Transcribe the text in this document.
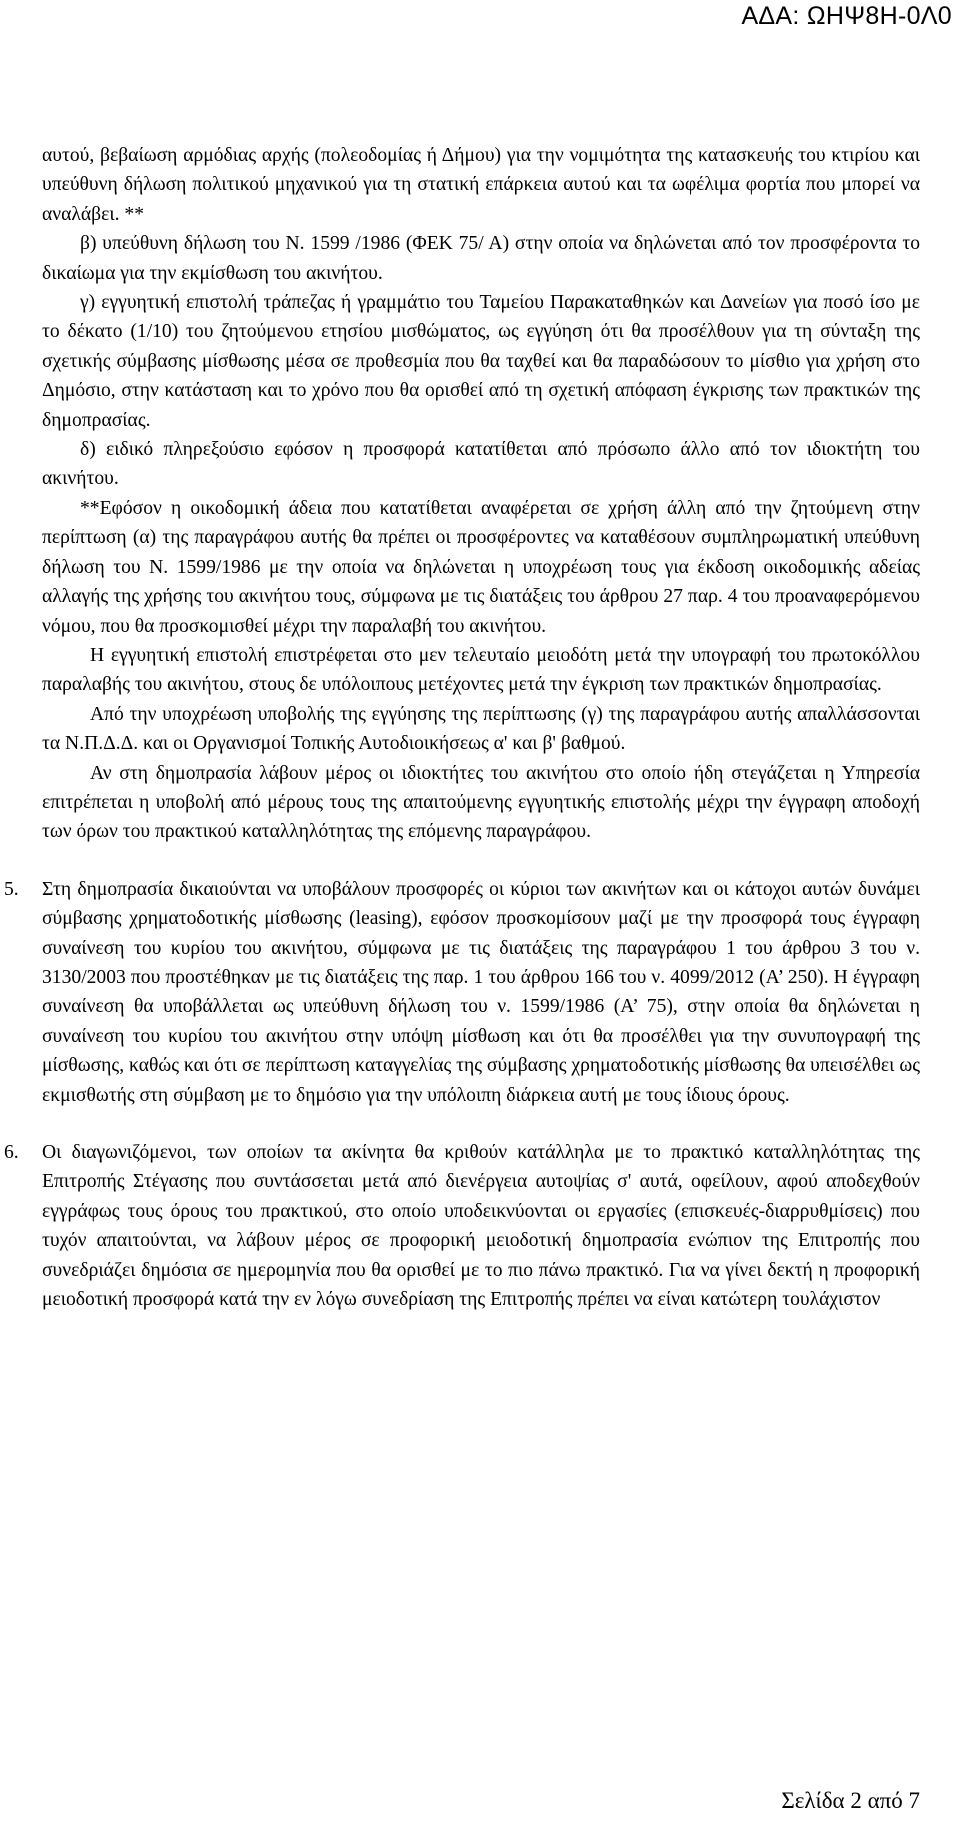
ΑΔΑ: ΩΗΨ8Η-0Λ0

αυτού, βεβαίωση αρμόδιας αρχής (πολεοδομίας ή Δήμου) για την νομιμότητα της κατασκευής του κτιρίου και υπεύθυνη δήλωση πολιτικού μηχανικού για τη στατική επάρκεια αυτού και τα ωφέλιμα φορτία που μπορεί να αναλάβει. **

β) υπεύθυνη δήλωση του Ν. 1599 /1986 (ΦΕΚ 75/ Α) στην οποία να δηλώνεται από τον προσφέροντα το δικαίωμα για την εκμίσθωση του ακινήτου.

γ) εγγυητική επιστολή τράπεζας ή γραμμάτιο του Ταμείου Παρακαταθηκών και Δανείων για ποσό ίσο με το δέκατο (1/10) του ζητούμενου ετησίου μισθώματος, ως εγγύηση ότι θα προσέλθουν για τη σύνταξη της σχετικής σύμβασης μίσθωσης μέσα σε προθεσμία που θα ταχθεί και θα παραδώσουν το μίσθιο για χρήση στο Δημόσιο, στην κατάσταση και το χρόνο που θα ορισθεί από τη σχετική απόφαση έγκρισης των πρακτικών της δημοπρασίας.

δ) ειδικό πληρεξούσιο εφόσον η προσφορά κατατίθεται από πρόσωπο άλλο από τον ιδιοκτήτη του ακινήτου.

**Εφόσον η οικοδομική άδεια που κατατίθεται αναφέρεται σε χρήση άλλη από την ζητούμενη στην περίπτωση (α) της παραγράφου αυτής θα πρέπει οι προσφέροντες να καταθέσουν συμπληρωματική υπεύθυνη δήλωση του Ν. 1599/1986 με την οποία να δηλώνεται η υποχρέωση τους για έκδοση οικοδομικής αδείας αλλαγής της χρήσης του ακινήτου τους, σύμφωνα με τις διατάξεις του άρθρου 27 παρ. 4 του προαναφερόμενου νόμου, που θα προσκομισθεί μέχρι την παραλαβή του ακινήτου.

Η εγγυητική επιστολή επιστρέφεται στο μεν τελευταίο μειοδότη μετά την υπογραφή του πρωτοκόλλου παραλαβής του ακινήτου, στους δε υπόλοιπους μετέχοντες μετά την έγκριση των πρακτικών δημοπρασίας.

Από την υποχρέωση υποβολής της εγγύησης της περίπτωσης (γ) της παραγράφου αυτής απαλλάσσονται τα Ν.Π.Δ.Δ. και οι Οργανισμοί Τοπικής Αυτοδιοικήσεως α' και β' βαθμού.

Αν στη δημοπρασία λάβουν μέρος οι ιδιοκτήτες του ακινήτου στο οποίο ήδη στεγάζεται η Υπηρεσία επιτρέπεται η υποβολή από μέρους τους της απαιτούμενης εγγυητικής επιστολής μέχρι την έγγραφη αποδοχή των όρων του πρακτικού καταλληλότητας της επόμενης παραγράφου.

5. Στη δημοπρασία δικαιούνται να υποβάλουν προσφορές οι κύριοι των ακινήτων και οι κάτοχοι αυτών δυνάμει σύμβασης χρηματοδοτικής μίσθωσης (leasing), εφόσον προσκομίσουν μαζί με την προσφορά τους έγγραφη συναίνεση του κυρίου του ακινήτου, σύμφωνα με τις διατάξεις της παραγράφου 1 του άρθρου 3 του ν. 3130/2003 που προστέθηκαν με τις διατάξεις της παρ. 1 του άρθρου 166 του ν. 4099/2012 (Α’ 250). Η έγγραφη συναίνεση θα υποβάλλεται ως υπεύθυνη δήλωση του ν. 1599/1986 (Α’ 75), στην οποία θα δηλώνεται η συναίνεση του κυρίου του ακινήτου στην υπόψη μίσθωση και ότι θα προσέλθει για την συνυπογραφή της μίσθωσης, καθώς και ότι σε περίπτωση καταγγελίας της σύμβασης χρηματοδοτικής μίσθωσης θα υπεισέλθει ως εκμισθωτής στη σύμβαση με το δημόσιο για την υπόλοιπη διάρκεια αυτή με τους ίδιους όρους.

6. Οι διαγωνιζόμενοι, των οποίων τα ακίνητα θα κριθούν κατάλληλα με το πρακτικό καταλληλότητας της Επιτροπής Στέγασης που συντάσσεται μετά από διενέργεια αυτοψίας σ' αυτά, οφείλουν, αφού αποδεχθούν εγγράφως τους όρους του πρακτικού, στο οποίο υποδεικνύονται οι εργασίες (επισκευές-διαρρυθμίσεις) που τυχόν απαιτούνται, να λάβουν μέρος σε προφορική μειοδοτική δημοπρασία ενώπιον της Επιτροπής που συνεδριάζει δημόσια σε ημερομηνία που θα ορισθεί με το πιο πάνω πρακτικό. Για να γίνει δεκτή η προφορική μειοδοτική προσφορά κατά την εν λόγω συνεδρίαση της Επιτροπής πρέπει να είναι κατώτερη τουλάχιστον

Σελίδα 2 από 7
